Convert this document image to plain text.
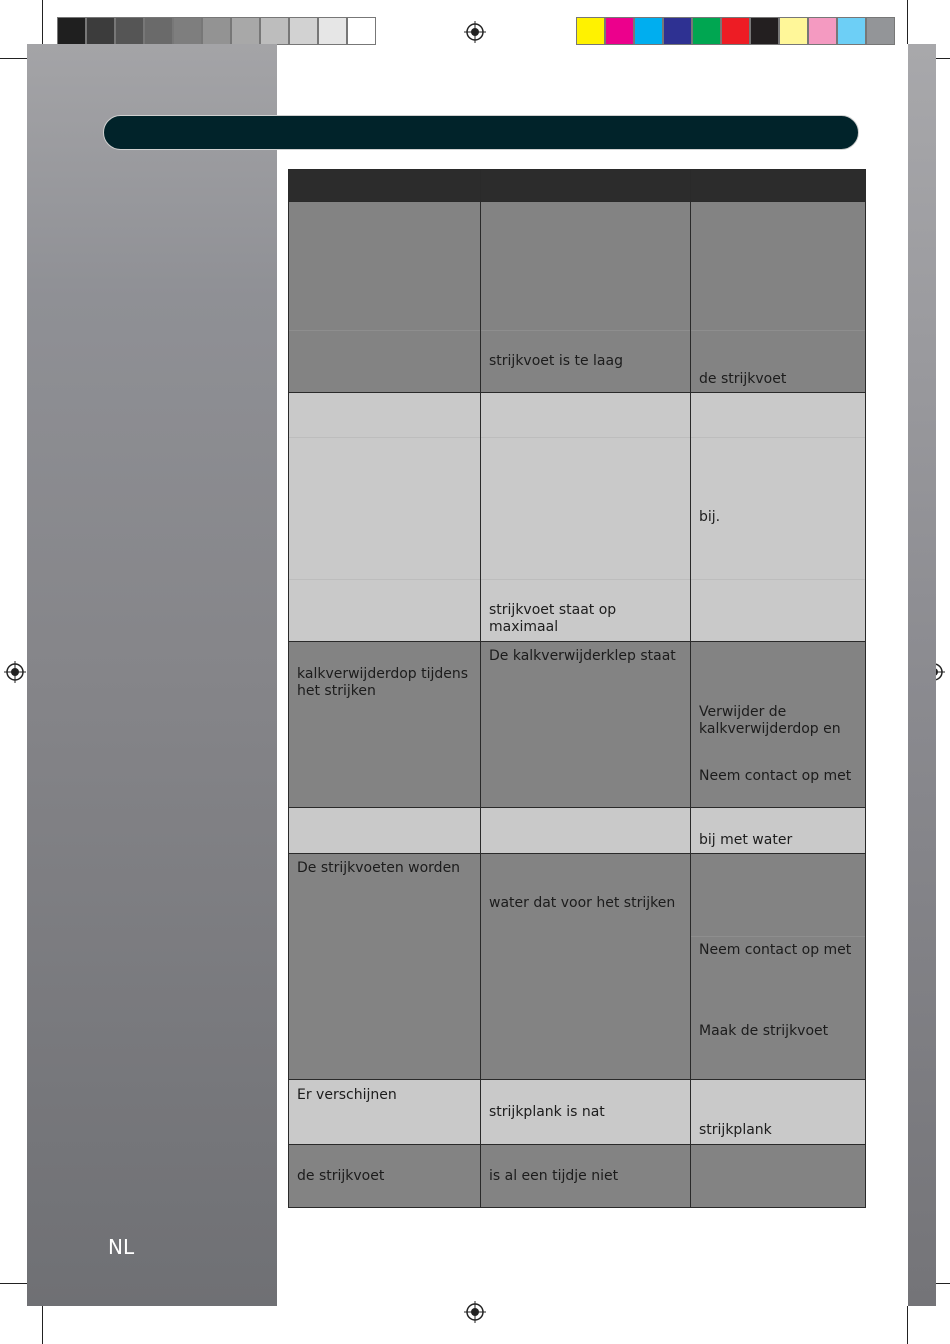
strijkvoet is te laag
de strijkvoet
strijkvoet staat op maximaal
bij.
kalkverwijderdop tijdens het strijken
De kalkverwijderklep staat
Verwijder de kalkverwijderdop en
Neem contact op met
bij met water
De strijkvoeten worden
water dat voor het strijken
Neem contact op met
Maak de strijkvoet
Er verschijnen
strijkplank is nat
strijkplank
de strijkvoet	is al een tijdje niet
NL
